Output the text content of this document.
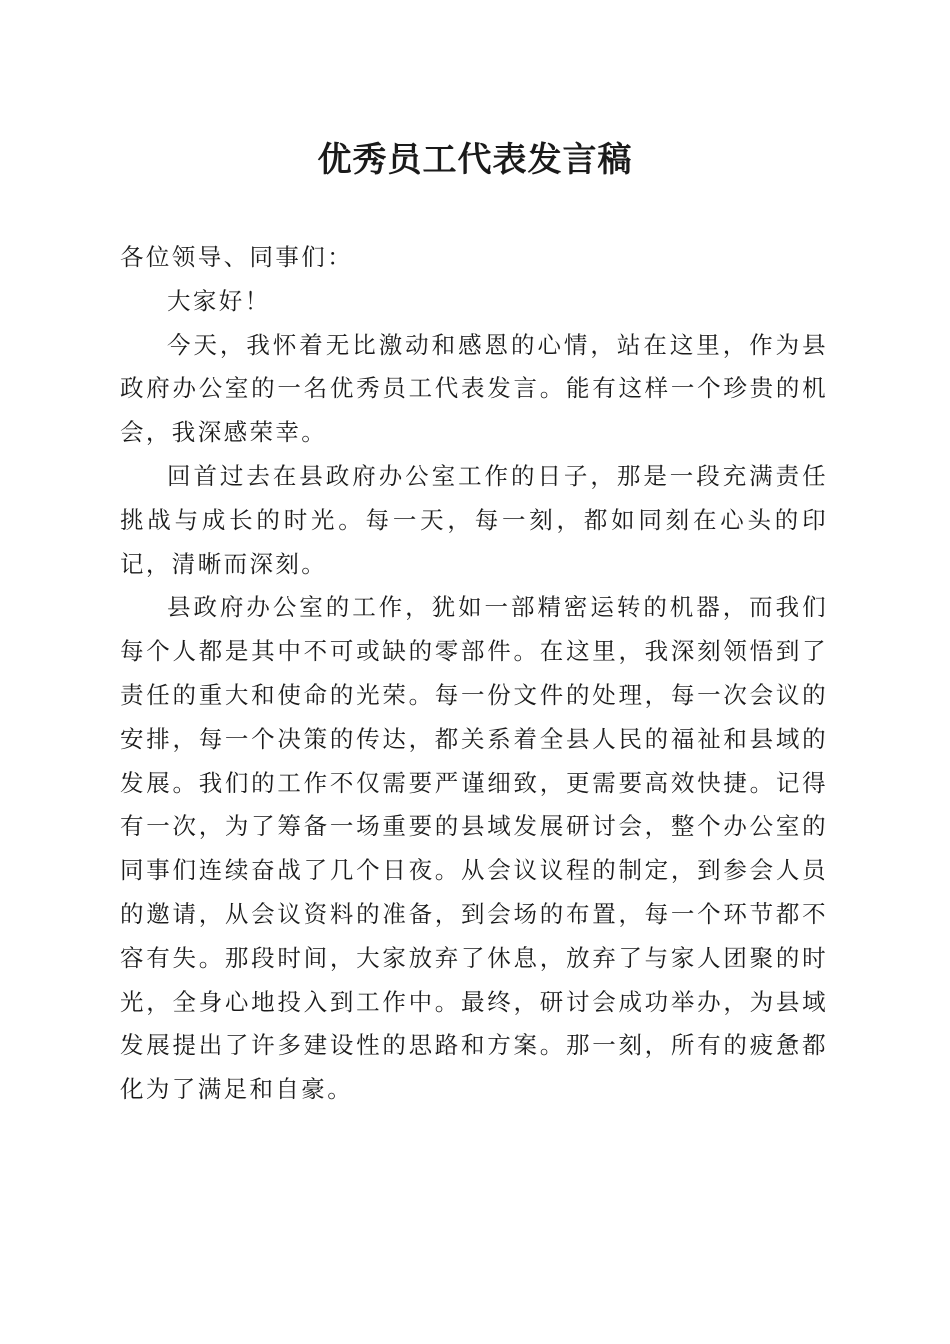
优秀员工代表发言稿

各位领导、同事们：

大家好！

今天，我怀着无比激动和感恩的心情，站在这里，作为县政府办公室的一名优秀员工代表发言。能有这样一个珍贵的机会，我深感荣幸。

回首过去在县政府办公室工作的日子，那是一段充满责任挑战与成长的时光。每一天，每一刻，都如同刻在心头的印记，清晰而深刻。

县政府办公室的工作，犹如一部精密运转的机器，而我们每个人都是其中不可或缺的零部件。在这里，我深刻领悟到了责任的重大和使命的光荣。每一份文件的处理，每一次会议的安排，每一个决策的传达，都关系着全县人民的福祉和县域的发展。我们的工作不仅需要严谨细致，更需要高效快捷。记得有一次，为了筹备一场重要的县域发展研讨会，整个办公室的同事们连续奋战了几个日夜。从会议议程的制定，到参会人员的邀请，从会议资料的准备，到会场的布置，每一个环节都不容有失。那段时间，大家放弃了休息，放弃了与家人团聚的时光，全身心地投入到工作中。最终，研讨会成功举办，为县域发展提出了许多建设性的思路和方案。那一刻，所有的疲惫都化为了满足和自豪。
